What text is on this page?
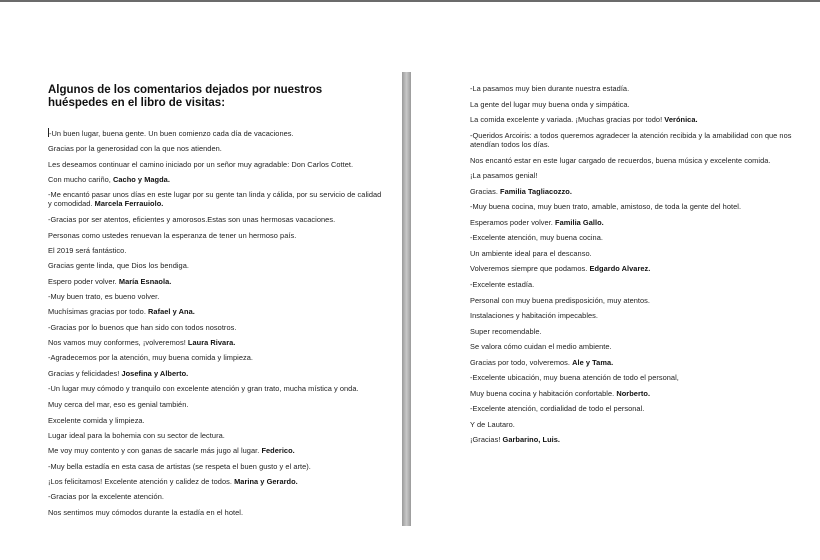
Algunos de los comentarios dejados por nuestros huéspedes en el libro de visitas:

-Un buen lugar, buena gente. Un buen comienzo cada día de vacaciones.

Gracias por la generosidad con la que nos atienden.

Les deseamos continuar el camino iniciado por un señor muy agradable: Don Carlos Cottet.

Con mucho cariño, Cacho y Magda.

-Me encantó pasar unos días en este lugar por su gente tan linda y cálida, por su servicio de calidad y comodidad. Marcela Ferrauiolo.

-Gracias por ser atentos, eficientes y amorosos.Estas son unas hermosas vacaciones.

Personas como ustedes renuevan la esperanza de tener un hermoso país.

El 2019 será fantástico.

Gracias gente linda, que Dios los bendiga.

Espero poder volver. María Esnaola.

-Muy buen trato, es bueno volver.

Muchísimas gracias por todo. Rafael y Ana.

-Gracias por lo buenos que han sido con todos nosotros.

Nos vamos muy conformes, ¡volveremos! Laura Rivara.

-Agradecemos por la atención, muy buena comida y limpieza.

Gracias y felicidades! Josefina y Alberto.

-Un lugar muy cómodo y tranquilo con excelente atención y gran trato, mucha mística y onda.

Muy cerca del mar, eso es genial también.

Excelente comida y limpieza.

Lugar ideal para la bohemia con su sector de lectura.

Me voy muy contento y con ganas de sacarle más jugo al lugar. Federico.

-Muy bella estadía en esta casa de artistas (se respeta el buen gusto y el arte).

¡Los felicitamos! Excelente atención y calidez de todos. Marina y Gerardo.

-Gracias por la excelente atención.

Nos sentimos muy cómodos durante la estadía en el hotel.

-La pasamos muy bien durante nuestra estadía.

La gente del lugar muy buena onda y simpática.

La comida excelente y variada. ¡Muchas gracias por todo! Verónica.

-Queridos Arcoiris: a todos queremos agradecer la atención recibida y la amabilidad con que nos atendían todos los días.

Nos encantó estar en este lugar cargado de recuerdos, buena música y excelente comida.

¡La pasamos genial!

Gracias. Familia Tagliacozzo.

-Muy buena cocina, muy buen trato, amable, amistoso, de toda la gente del hotel.

Esperamos poder volver. Familia Gallo.

-Excelente atención, muy buena cocina.

Un ambiente ideal para el descanso.

Volveremos siempre que podamos. Edgardo Alvarez.

-Excelente estadía.

Personal con muy buena predisposición, muy atentos.

Instalaciones y habitación impecables.

Super recomendable.

Se valora cómo cuidan el medio ambiente.

Gracias por todo, volveremos. Ale y Tama.

-Excelente ubicación, muy buena atención de todo el personal,

Muy buena cocina y habitación confortable. Norberto.

-Excelente atención, cordialidad de todo el personal.

Y de Lautaro.

¡Gracias! Garbarino, Luis.
